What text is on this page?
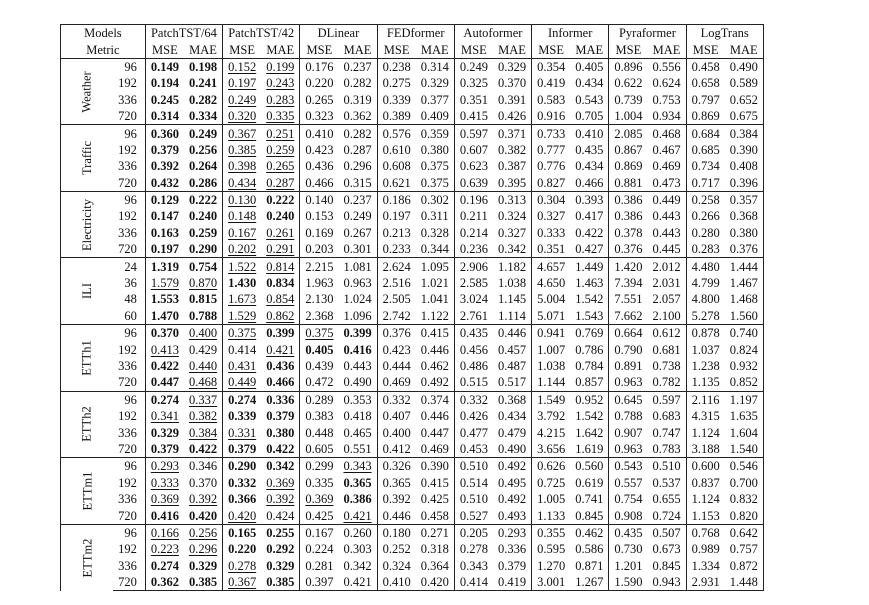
Models		PatchTST/64		PatchTST/42		DLinear		FEDformer		Autoformer		Informer		Pyraformer		LogTrans	
Metric		MSE	MAE	MSE	MAE	MSE	MAE	MSE	MAE	MSE	MAE	MSE	MAE	MSE	MAE	MSE	MAE
Weather	96	0.149	0.198	0.152	0.199	0.176	0.237	0.238	0.314	0.249	0.329	0.354	0.405	0.896	0.556	0.458	0.490
	192	0.194	0.241	0.197	0.243	0.220	0.282	0.275	0.329	0.325	0.370	0.419	0.434	0.622	0.624	0.658	0.589
	336	0.245	0.282	0.249	0.283	0.265	0.319	0.339	0.377	0.351	0.391	0.583	0.543	0.739	0.753	0.797	0.652
	720	0.314	0.334	0.320	0.335	0.323	0.362	0.389	0.409	0.415	0.426	0.916	0.705	1.004	0.934	0.869	0.675
Traffic	96	0.360	0.249	0.367	0.251	0.410	0.282	0.576	0.359	0.597	0.371	0.733	0.410	2.085	0.468	0.684	0.384
	192	0.379	0.256	0.385	0.259	0.423	0.287	0.610	0.380	0.607	0.382	0.777	0.435	0.867	0.467	0.685	0.390
	336	0.392	0.264	0.398	0.265	0.436	0.296	0.608	0.375	0.623	0.387	0.776	0.434	0.869	0.469	0.734	0.408
	720	0.432	0.286	0.434	0.287	0.466	0.315	0.621	0.375	0.639	0.395	0.827	0.466	0.881	0.473	0.717	0.396
Electricity	96	0.129	0.222	0.130	0.222	0.140	0.237	0.186	0.302	0.196	0.313	0.304	0.393	0.386	0.449	0.258	0.357
	192	0.147	0.240	0.148	0.240	0.153	0.249	0.197	0.311	0.211	0.324	0.327	0.417	0.386	0.443	0.266	0.368
	336	0.163	0.259	0.167	0.261	0.169	0.267	0.213	0.328	0.214	0.327	0.333	0.422	0.378	0.443	0.280	0.380
	720	0.197	0.290	0.202	0.291	0.203	0.301	0.233	0.344	0.236	0.342	0.351	0.427	0.376	0.445	0.283	0.376
ILI	24	1.319	0.754	1.522	0.814	2.215	1.081	2.624	1.095	2.906	1.182	4.657	1.449	1.420	2.012	4.480	1.444
	36	1.579	0.870	1.430	0.834	1.963	0.963	2.516	1.021	2.585	1.038	4.650	1.463	7.394	2.031	4.799	1.467
	48	1.553	0.815	1.673	0.854	2.130	1.024	2.505	1.041	3.024	1.145	5.004	1.542	7.551	2.057	4.800	1.468
	60	1.470	0.788	1.529	0.862	2.368	1.096	2.742	1.122	2.761	1.114	5.071	1.543	7.662	2.100	5.278	1.560
ETTh1	96	0.370	0.400	0.375	0.399	0.375	0.399	0.376	0.415	0.435	0.446	0.941	0.769	0.664	0.612	0.878	0.740
	192	0.413	0.429	0.414	0.421	0.405	0.416	0.423	0.446	0.456	0.457	1.007	0.786	0.790	0.681	1.037	0.824
	336	0.422	0.440	0.431	0.436	0.439	0.443	0.444	0.462	0.486	0.487	1.038	0.784	0.891	0.738	1.238	0.932
	720	0.447	0.468	0.449	0.466	0.472	0.490	0.469	0.492	0.515	0.517	1.144	0.857	0.963	0.782	1.135	0.852
ETTh2	96	0.274	0.337	0.274	0.336	0.289	0.353	0.332	0.374	0.332	0.368	1.549	0.952	0.645	0.597	2.116	1.197
	192	0.341	0.382	0.339	0.379	0.383	0.418	0.407	0.446	0.426	0.434	3.792	1.542	0.788	0.683	4.315	1.635
	336	0.329	0.384	0.331	0.380	0.448	0.465	0.400	0.447	0.477	0.479	4.215	1.642	0.907	0.747	1.124	1.604
	720	0.379	0.422	0.379	0.422	0.605	0.551	0.412	0.469	0.453	0.490	3.656	1.619	0.963	0.783	3.188	1.540
ETTm1	96	0.293	0.346	0.290	0.342	0.299	0.343	0.326	0.390	0.510	0.492	0.626	0.560	0.543	0.510	0.600	0.546
	192	0.333	0.370	0.332	0.369	0.335	0.365	0.365	0.415	0.514	0.495	0.725	0.619	0.557	0.537	0.837	0.700
	336	0.369	0.392	0.366	0.392	0.369	0.386	0.392	0.425	0.510	0.492	1.005	0.741	0.754	0.655	1.124	0.832
	720	0.416	0.420	0.420	0.424	0.425	0.421	0.446	0.458	0.527	0.493	1.133	0.845	0.908	0.724	1.153	0.820
ETTm2	96	0.166	0.256	0.165	0.255	0.167	0.260	0.180	0.271	0.205	0.293	0.355	0.462	0.435	0.507	0.768	0.642
	192	0.223	0.296	0.220	0.292	0.224	0.303	0.252	0.318	0.278	0.336	0.595	0.586	0.730	0.673	0.989	0.757
	336	0.274	0.329	0.278	0.329	0.281	0.342	0.324	0.364	0.343	0.379	1.270	0.871	1.201	0.845	1.334	0.872
	720	0.362	0.385	0.367	0.385	0.397	0.421	0.410	0.420	0.414	0.419	3.001	1.267	1.590	0.943	2.931	1.448
